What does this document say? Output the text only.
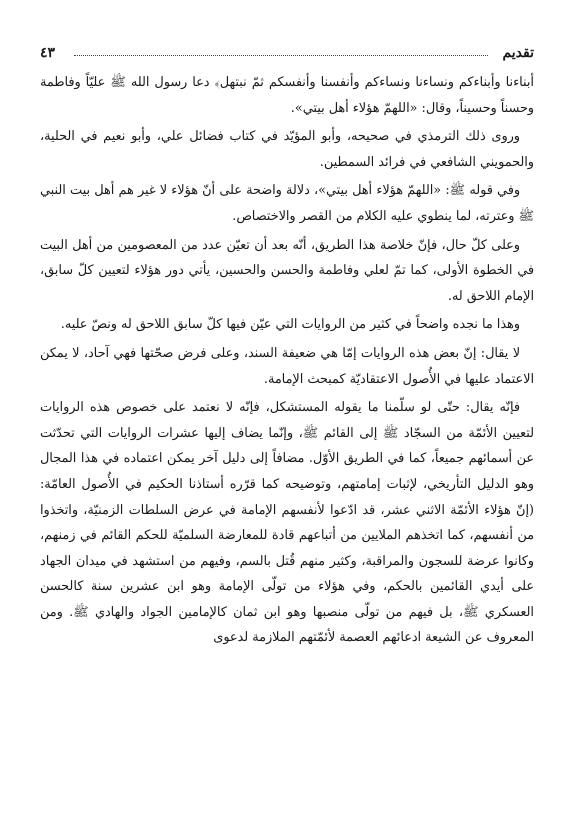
تقديم
٤٣

أبناءنا وأبناءكم ونساءنا ونساءكم وأنفسنا وأنفسكم ثمّ نبتهل﴾ دعا رسول الله ﷺ عليّاً وفاطمة وحسناً وحسيناً، وقال: «اللهمّ هؤلاء أهل بيتي».

وروى ذلك الترمذي في صحيحه، وأبو المؤيّد في كتاب فضائل علي، وأبو نعيم في الحلية، والحمويني الشافعي في فرائد السمطين.

وفي قوله ﷺ: «اللهمّ هؤلاء أهل بيتي»، دلالة واضحة على أنّ هؤلاء لا غير هم أهل بيت النبي ﷺ وعترته، لما ينطوي عليه الكلام من القصر والاختصاص.

وعلى كلّ حال، فإنّ خلاصة هذا الطريق، أنّه بعد أن تعيّن عدد من المعصومين من أهل البيت في الخطوة الأولى، كما تمّ لعلي وفاطمة والحسن والحسين، يأتي دور هؤلاء لتعيين كلّ سابق، الإمام اللاحق له.

وهذا ما نجده واضحاً في كثير من الروايات التي عيّن فيها كلّ سابق اللاحق له ونصّ عليه.

لا يقال: إنّ بعض هذه الروايات إمّا هي ضعيفة السند، وعلى فرض صحّتها فهي آحاد، لا يمكن الاعتماد عليها في الأُصول الاعتقاديّة كمبحث الإمامة.

فإنّه يقال: حتّى لو سلّمنا ما يقوله المستشكل، فإنّه لا نعتمد على خصوص هذه الروايات لتعيين الأئمّة من السجّاد ﷺ إلى القائم ﷺ، وإنّما يضاف إليها عشرات الروايات التي تحدّثت عن أسمائهم جميعاً، كما في الطريق الأوّل. مضافاً إلى دليل آخر يمكن اعتماده في هذا المجال وهو الدليل التأريخي، لإثبات إمامتهم، وتوضيحه كما قرّره أستاذنا الحكيم في الأُصول العامّة: (إنّ هؤلاء الأئمّة الاثني عشر، قد ادّعوا لأنفسهم الإمامة في عرض السلطات الزمنيّة، واتخذوا من أنفسهم، كما اتخذهم الملايين من أتباعهم قادة للمعارضة السلميّة للحكم القائم في زمنهم، وكانوا عرضة للسجون والمراقبة، وكثير منهم قُتل بالسم، وفيهم من استشهد في ميدان الجهاد على أيدي القائمين بالحكم، وفي هؤلاء من تولّى الإمامة وهو ابن عشرين سنة كالحسن العسكري ﷺ، بل فيهم من تولّى منصبها وهو ابن ثمان كالإمامين الجواد والهادي ﷺ. ومن المعروف عن الشيعة ادعائهم العصمة لأئمّتهم الملازمة لدعوى
